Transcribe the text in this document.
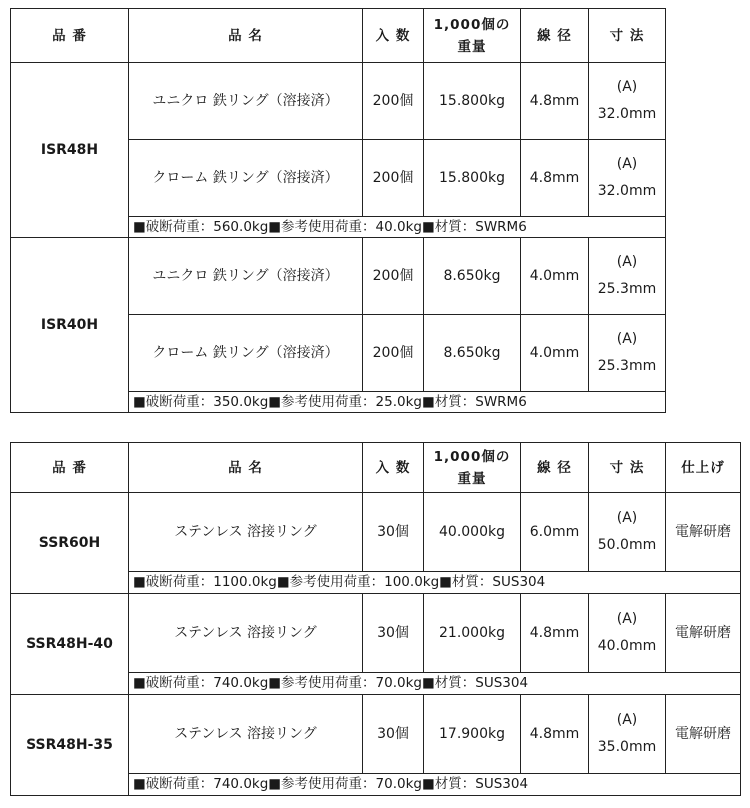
品 番	品 名	入 数	1,000個の
重量	線 径	寸 法
ISR48H	ユニクロ 鉄リング（溶接済）	200個	15.800kg	4.8mm	(A)
32.0mm
	クローム 鉄リング（溶接済）	200個	15.800kg	4.8mm	(A)
32.0mm
	■破断荷重：560.0kg■参考使用荷重：40.0kg■材質：SWRM6				
ISR40H	ユニクロ 鉄リング（溶接済）	200個	8.650kg	4.0mm	(A)
25.3mm
	クローム 鉄リング（溶接済）	200個	8.650kg	4.0mm	(A)
25.3mm
	■破断荷重：350.0kg■参考使用荷重：25.0kg■材質：SWRM6				
品 番	品 名	入 数	1,000個の
重量	線 径	寸 法	仕上げ
SSR60H	ステンレス 溶接リング	30個	40.000kg	6.0mm	(A)
50.0mm	電解研磨
	■破断荷重：1100.0kg■参考使用荷重：100.0kg■材質：SUS304					
SSR48H-40	ステンレス 溶接リング	30個	21.000kg	4.8mm	(A)
40.0mm	電解研磨
	■破断荷重：740.0kg■参考使用荷重：70.0kg■材質：SUS304					
SSR48H-35	ステンレス 溶接リング	30個	17.900kg	4.8mm	(A)
35.0mm	電解研磨
	■破断荷重：740.0kg■参考使用荷重：70.0kg■材質：SUS304					
